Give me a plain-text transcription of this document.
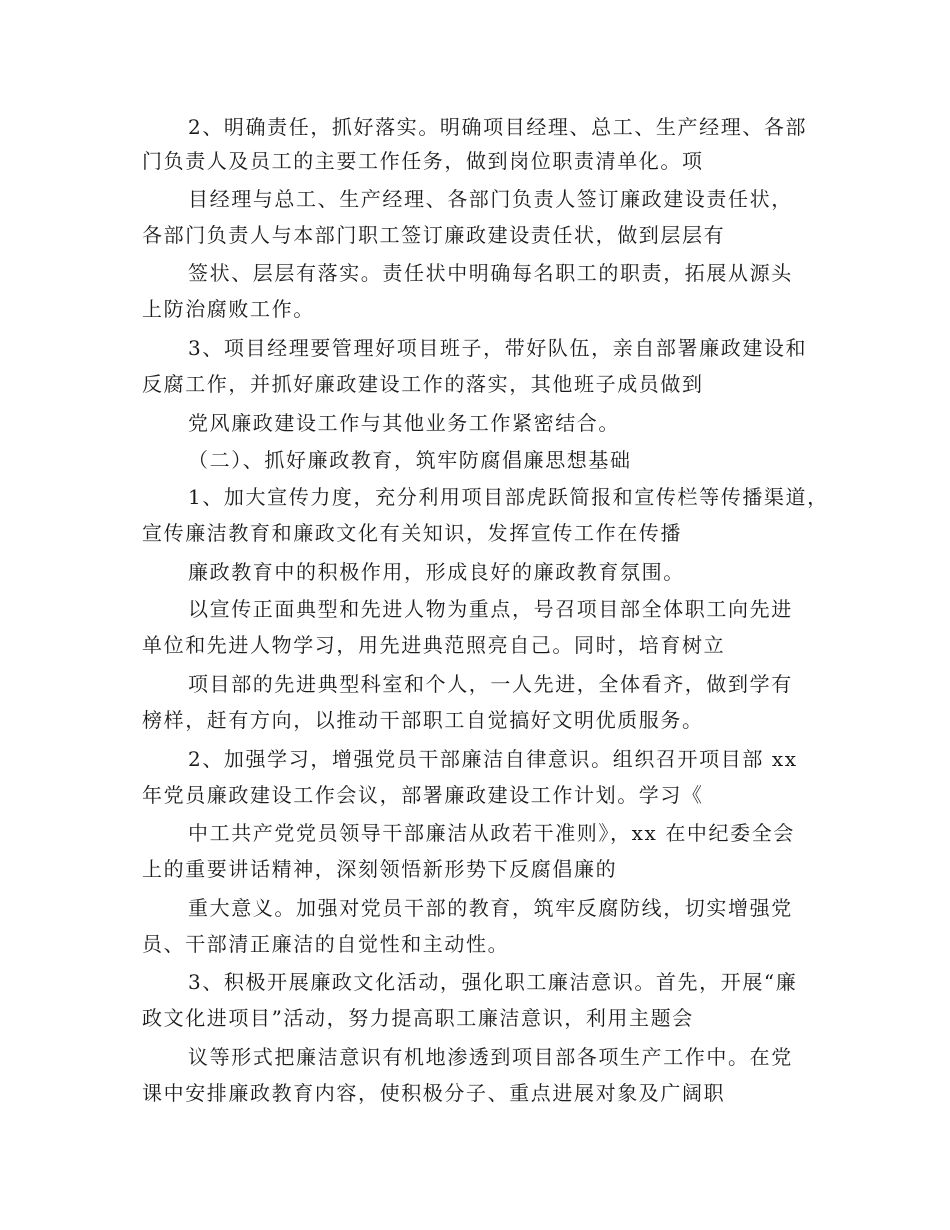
2、明确责任，抓好落实。明确项目经理、总工、生产经理、各部

门负责人及员工的主要工作任务，做到岗位职责清单化。项

目经理与总工、生产经理、各部门负责人签订廉政建设责任状，

各部门负责人与本部门职工签订廉政建设责任状，做到层层有

签状、层层有落实。责任状中明确每名职工的职责，拓展从源头

上防治腐败工作。

3、项目经理要管理好项目班子，带好队伍，亲自部署廉政建设和

反腐工作，并抓好廉政建设工作的落实，其他班子成员做到

党风廉政建设工作与其他业务工作紧密结合。

（二）、抓好廉政教育，筑牢防腐倡廉思想基础

1、加大宣传力度，充分利用项目部虎跃简报和宣传栏等传播渠道，

宣传廉洁教育和廉政文化有关知识，发挥宣传工作在传播

廉政教育中的积极作用，形成良好的廉政教育氛围。

以宣传正面典型和先进人物为重点，号召项目部全体职工向先进

单位和先进人物学习，用先进典范照亮自己。同时，培育树立

项目部的先进典型科室和个人，一人先进，全体看齐，做到学有

榜样，赶有方向，以推动干部职工自觉搞好文明优质服务。

2、加强学习，增强党员干部廉洁自律意识。组织召开项目部 xx

年党员廉政建设工作会议，部署廉政建设工作计划。学习《

中工共产党党员领导干部廉洁从政若干准则》，xx 在中纪委全会

上的重要讲话精神，深刻领悟新形势下反腐倡廉的

重大意义。加强对党员干部的教育，筑牢反腐防线，切实增强党

员、干部清正廉洁的自觉性和主动性。

3、积极开展廉政文化活动，强化职工廉洁意识。首先，开展“廉

政文化进项目”活动，努力提高职工廉洁意识，利用主题会

议等形式把廉洁意识有机地渗透到项目部各项生产工作中。在党

课中安排廉政教育内容，使积极分子、重点进展对象及广阔职
